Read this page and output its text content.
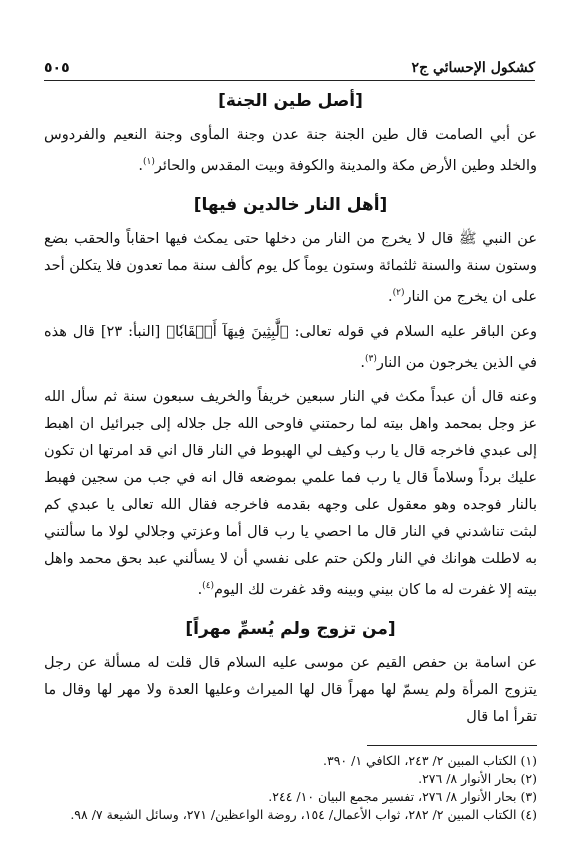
كشكول الإحسائي ج٢
٥٠٥
[أصل طين الجنة]

عن أبي الصامت قال طين الجنة جنة عدن وجنة المأوى وجنة النعيم والفردوس والخلد وطين الأرض مكة والمدينة والكوفة وبيت المقدس والحائر$^{(١)}$.

[أهل النار خالدين فيها]

عن النبي ﷺ قال لا يخرج من النار من دخلها حتى يمكث فيها احقاباً والحقب بضع وستون سنة والسنة ثلثمائة وستون يوماً كل يوم كألف سنة مما تعدون فلا يتكلن أحد على ان يخرج من النار$^{(٢)}$.

وعن الباقر عليه السلام في قوله تعالى: ﴿لَّٰبِثِينَ فِيهَآ أَحۡقَابٗا﴾ [النبأ: ٢٣] قال هذه في الذين يخرجون من النار$^{(٣)}$.

وعنه قال أن عبداً مكث في النار سبعين خريفاً والخريف سبعون سنة ثم سأل الله عز وجل بمحمد واهل بيته لما رحمتني فاوحى الله جل جلاله إلى جبرائيل ان اهبط إلى عبدي فاخرجه قال يا رب وكيف لي الهبوط في النار قال اني قد امرتها ان تكون عليك برداً وسلاماً قال يا رب فما علمي بموضعه قال انه في جب من سجين فهبط بالنار فوجده وهو معقول على وجهه بقدمه فاخرجه فقال الله تعالى يا عبدي كم لبثت تناشدني في النار قال ما احصي يا رب قال أما وعزتي وجلالي لولا ما سألتني به لاطلت هوانك في النار ولكن حتم على نفسي أن لا يسألني عبد بحق محمد واهل بيته إلا غفرت له ما كان بيني وبينه وقد غفرت لك اليوم$^{(٤)}$.

[من تزوج ولم يُسمِّ مهراً]

عن اسامة بن حفص القيم عن موسى عليه السلام قال قلت له مسألة عن رجل يتزوج المرأة ولم يسمّ لها مهراً قال لها الميراث وعليها العدة ولا مهر لها وقال ما تقرأ اما قال

(١) الكتاب المبين ٢/ ٢٤٣، الكافي ١/ ٣٩٠.
(٢) بحار الأنوار ٨/ ٢٧٦.
(٣) بحار الأنوار ٨/ ٢٧٦، تفسير مجمع البيان ١٠/ ٢٤٤.
(٤) الكتاب المبين ٢/ ٢٨٢، ثواب الأعمال/ ١٥٤، روضة الواعظين/ ٢٧١، وسائل الشيعة ٧/ ٩٨.
